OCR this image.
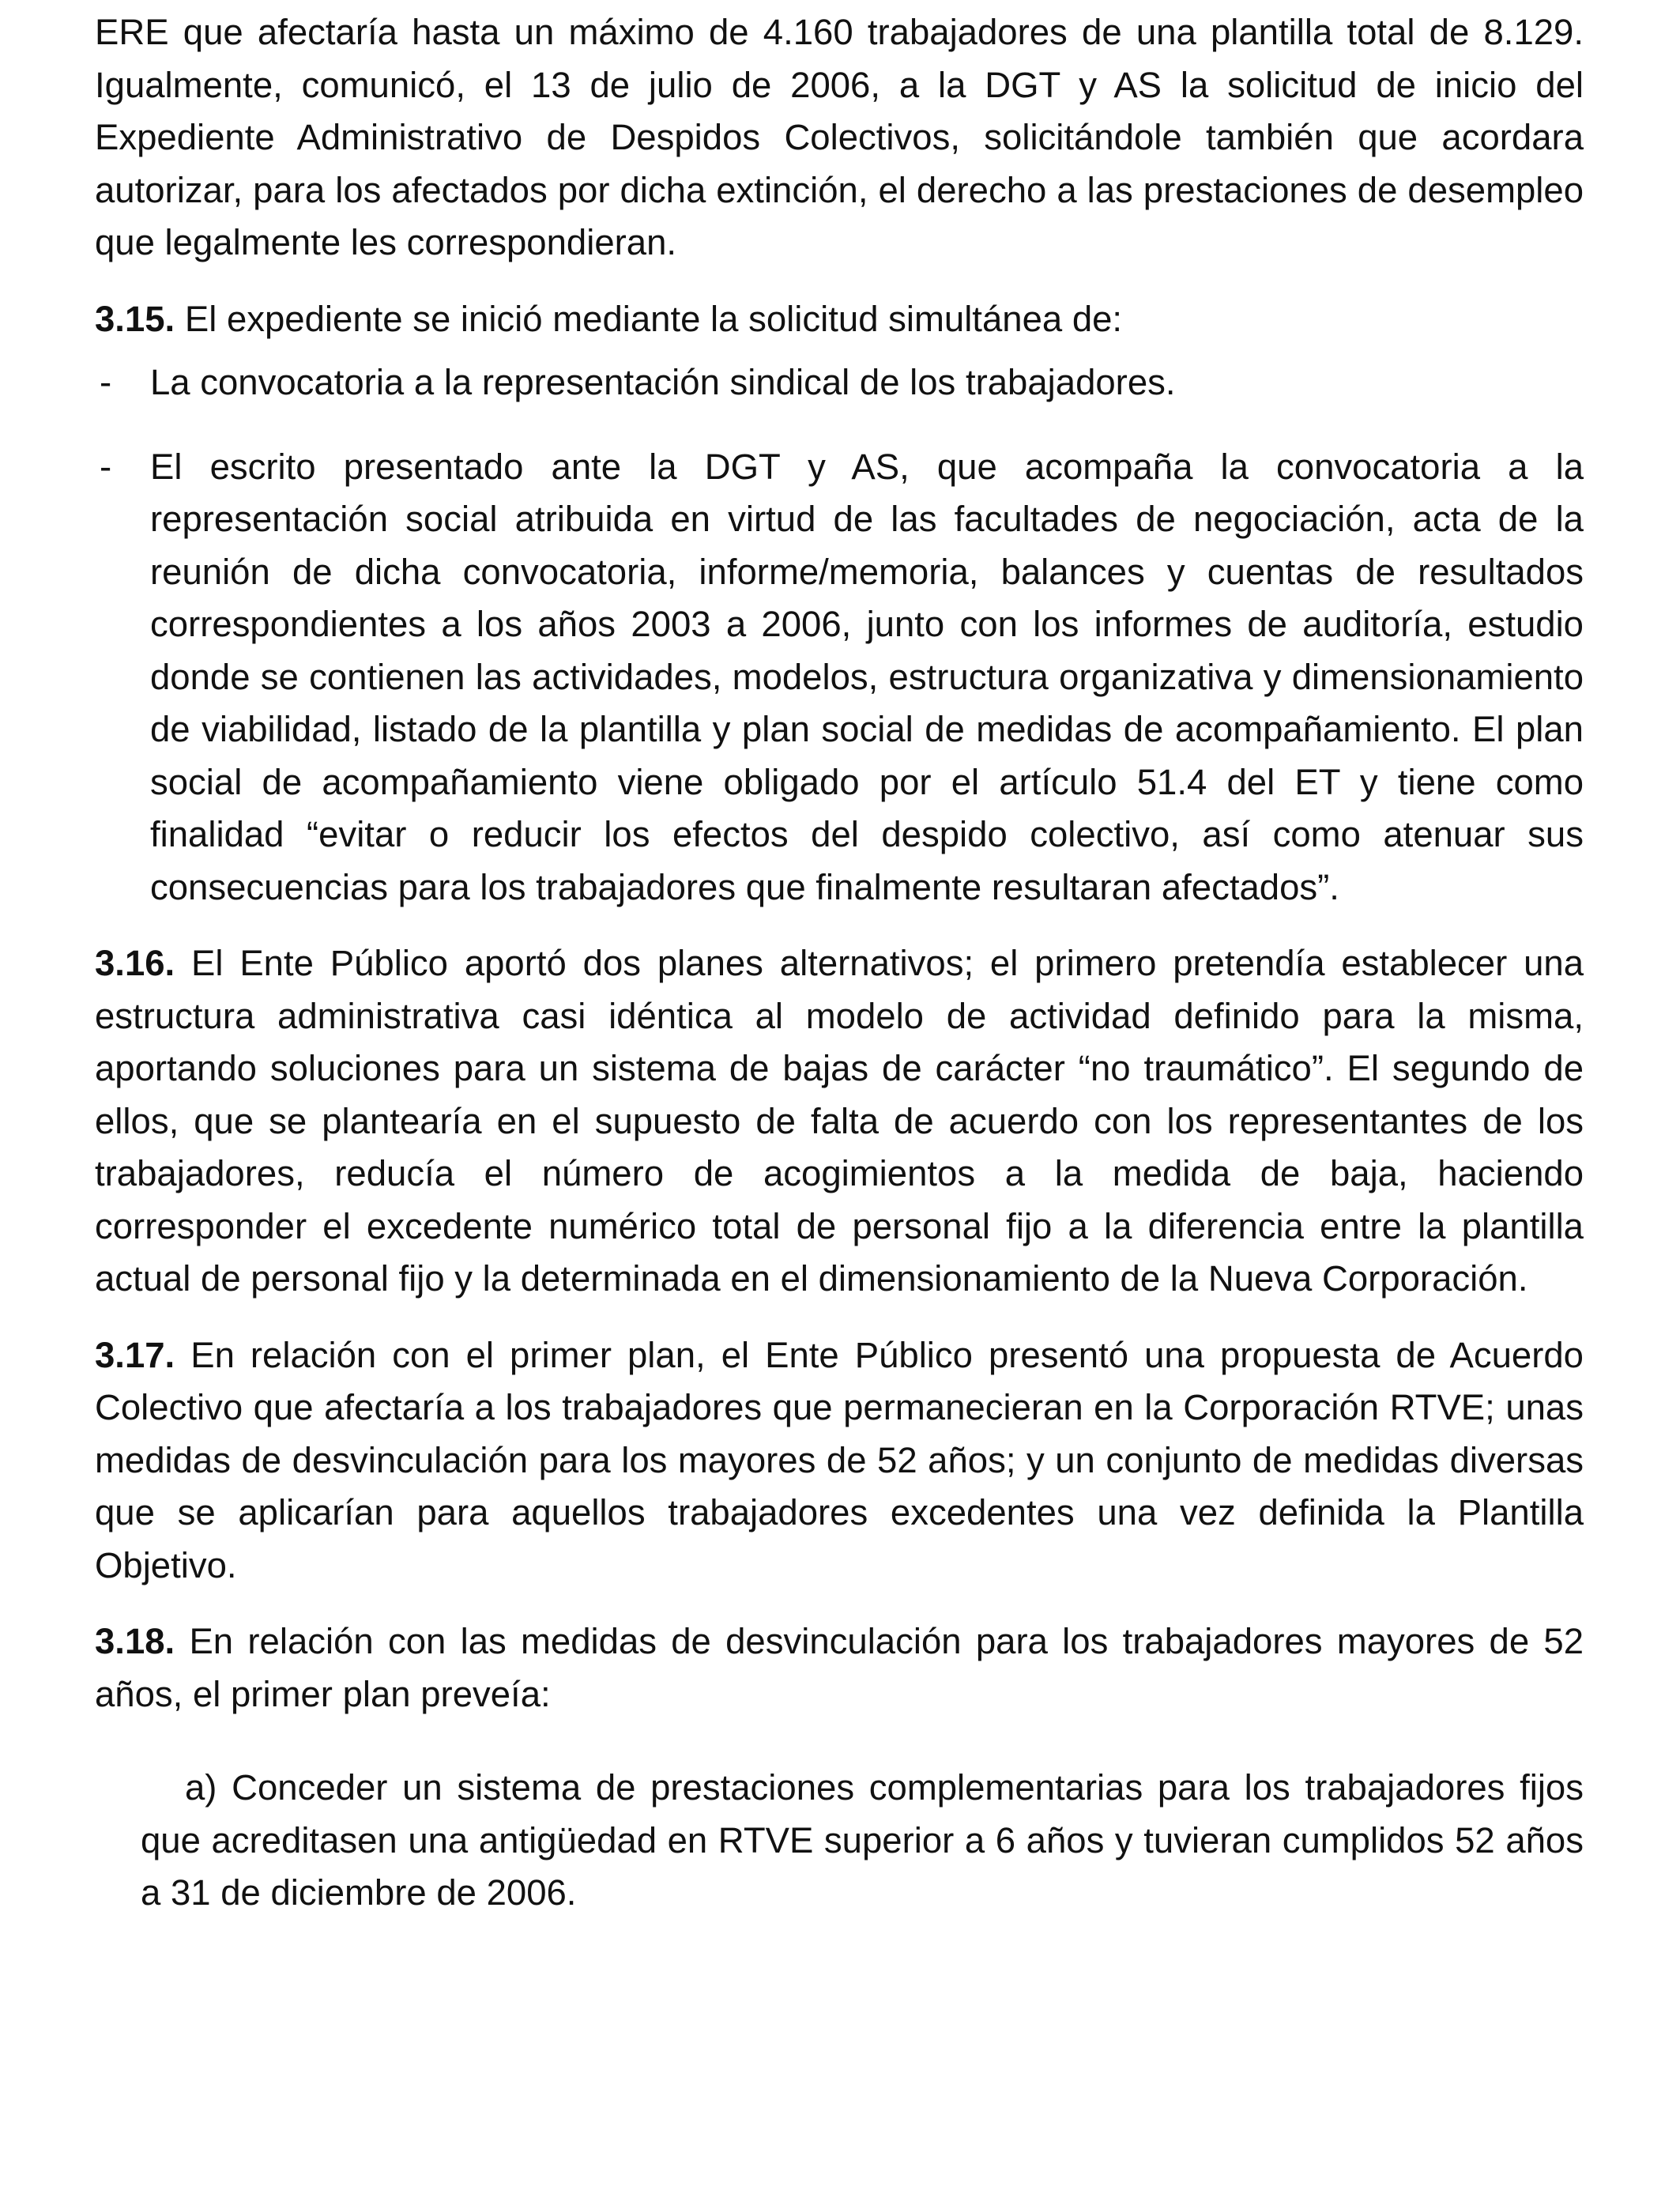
ERE que afectaría hasta un máximo de 4.160 trabajadores de una plantilla total de 8.129. Igualmente, comunicó, el 13 de julio de 2006, a la DGT y AS la solicitud de inicio del Expediente Administrativo de Despidos Colectivos, solicitándole también que acordara autorizar, para los afectados por dicha extinción, el derecho a las prestaciones de desempleo que legalmente les correspondieran.

3.15. El expediente se inició mediante la solicitud simultánea de:

- La convocatoria a la representación sindical de los trabajadores.

- El escrito presentado ante la DGT y AS, que acompaña la convocatoria a la representación social atribuida en virtud de las facultades de negociación, acta de la reunión de dicha convocatoria, informe/memoria, balances y cuentas de resultados correspondientes a los años 2003 a 2006, junto con los informes de auditoría, estudio donde se contienen las actividades, modelos, estructura organizativa y dimensionamiento de viabilidad, listado de la plantilla y plan social de medidas de acompañamiento. El plan social de acompañamiento viene obligado por el artículo 51.4 del ET y tiene como finalidad “evitar o reducir los efectos del despido colectivo, así como atenuar sus consecuencias para los trabajadores que finalmente resultaran afectados”.

3.16. El Ente Público aportó dos planes alternativos; el primero pretendía establecer una estructura administrativa casi idéntica al modelo de actividad definido para la misma, aportando soluciones para un sistema de bajas de carácter “no traumático”. El segundo de ellos, que se plantearía en el supuesto de falta de acuerdo con los representantes de los trabajadores, reducía el número de acogimientos a la medida de baja, haciendo corresponder el excedente numérico total de personal fijo a la diferencia entre la plantilla actual de personal fijo y la determinada en el dimensionamiento de la Nueva Corporación.

3.17. En relación con el primer plan, el Ente Público presentó una propuesta de Acuerdo Colectivo que afectaría a los trabajadores que permanecieran en la Corporación RTVE; unas medidas de desvinculación para los mayores de 52 años; y un conjunto de medidas diversas que se aplicarían para aquellos trabajadores excedentes una vez definida la Plantilla Objetivo.

3.18. En relación con las medidas de desvinculación para los trabajadores mayores de 52 años, el primer plan preveía:

a) Conceder un sistema de prestaciones complementarias para los trabajadores fijos que acreditasen una antigüedad en RTVE superior a 6 años y tuvieran cumplidos 52 años a 31 de diciembre de 2006.
